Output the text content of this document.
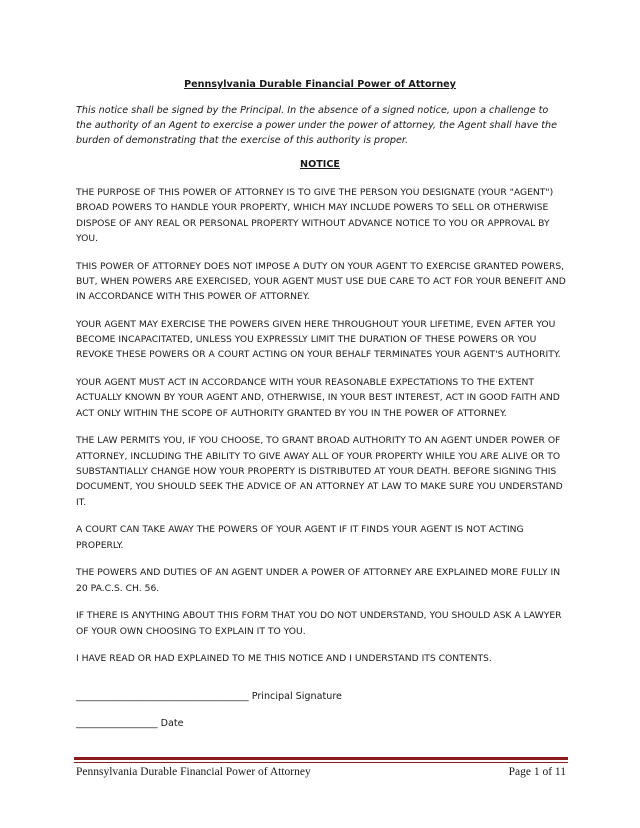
Pennsylvania Durable Financial Power of Attorney

This notice shall be signed by the Principal. In the absence of a signed notice, upon a challenge to the authority of an Agent to exercise a power under the power of attorney, the Agent shall have the burden of demonstrating that the exercise of this authority is proper.

NOTICE

THE PURPOSE OF THIS POWER OF ATTORNEY IS TO GIVE THE PERSON YOU DESIGNATE (YOUR "AGENT") BROAD POWERS TO HANDLE YOUR PROPERTY, WHICH MAY INCLUDE POWERS TO SELL OR OTHERWISE DISPOSE OF ANY REAL OR PERSONAL PROPERTY WITHOUT ADVANCE NOTICE TO YOU OR APPROVAL BY YOU.

THIS POWER OF ATTORNEY DOES NOT IMPOSE A DUTY ON YOUR AGENT TO EXERCISE GRANTED POWERS, BUT, WHEN POWERS ARE EXERCISED, YOUR AGENT MUST USE DUE CARE TO ACT FOR YOUR BENEFIT AND IN ACCORDANCE WITH THIS POWER OF ATTORNEY.

YOUR AGENT MAY EXERCISE THE POWERS GIVEN HERE THROUGHOUT YOUR LIFETIME, EVEN AFTER YOU BECOME INCAPACITATED, UNLESS YOU EXPRESSLY LIMIT THE DURATION OF THESE POWERS OR YOU REVOKE THESE POWERS OR A COURT ACTING ON YOUR BEHALF TERMINATES YOUR AGENT'S AUTHORITY.

YOUR AGENT MUST ACT IN ACCORDANCE WITH YOUR REASONABLE EXPECTATIONS TO THE EXTENT ACTUALLY KNOWN BY YOUR AGENT AND, OTHERWISE, IN YOUR BEST INTEREST, ACT IN GOOD FAITH AND ACT ONLY WITHIN THE SCOPE OF AUTHORITY GRANTED BY YOU IN THE POWER OF ATTORNEY.

THE LAW PERMITS YOU, IF YOU CHOOSE, TO GRANT BROAD AUTHORITY TO AN AGENT UNDER POWER OF ATTORNEY, INCLUDING THE ABILITY TO GIVE AWAY ALL OF YOUR PROPERTY WHILE YOU ARE ALIVE OR TO SUBSTANTIALLY CHANGE HOW YOUR PROPERTY IS DISTRIBUTED AT YOUR DEATH. BEFORE SIGNING THIS DOCUMENT, YOU SHOULD SEEK THE ADVICE OF AN ATTORNEY AT LAW TO MAKE SURE YOU UNDERSTAND IT.

A COURT CAN TAKE AWAY THE POWERS OF YOUR AGENT IF IT FINDS YOUR AGENT IS NOT ACTING PROPERLY.

THE POWERS AND DUTIES OF AN AGENT UNDER A POWER OF ATTORNEY ARE EXPLAINED MORE FULLY IN 20 PA.C.S. CH. 56.

IF THERE IS ANYTHING ABOUT THIS FORM THAT YOU DO NOT UNDERSTAND, YOU SHOULD ASK A LAWYER OF YOUR OWN CHOOSING TO EXPLAIN IT TO YOU.

I HAVE READ OR HAD EXPLAINED TO ME THIS NOTICE AND I UNDERSTAND ITS CONTENTS.

____________________________________ Principal Signature
_________________ Date
Pennsylvania Durable Financial Power of Attorney	Page 1 of 11
